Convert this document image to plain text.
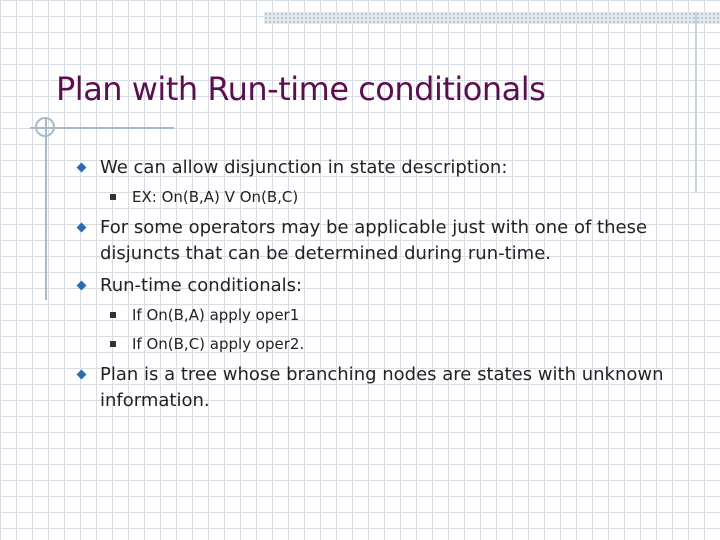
Plan with Run-time conditionals
We can allow disjunction in state description:
EX: On(B,A) V On(B,C)
For some operators may be applicable just with one of these disjuncts that can be determined during run-time.
Run-time conditionals:
If On(B,A) apply oper1
If On(B,C) apply oper2.
Plan is a tree whose branching nodes are states with unknown information.
